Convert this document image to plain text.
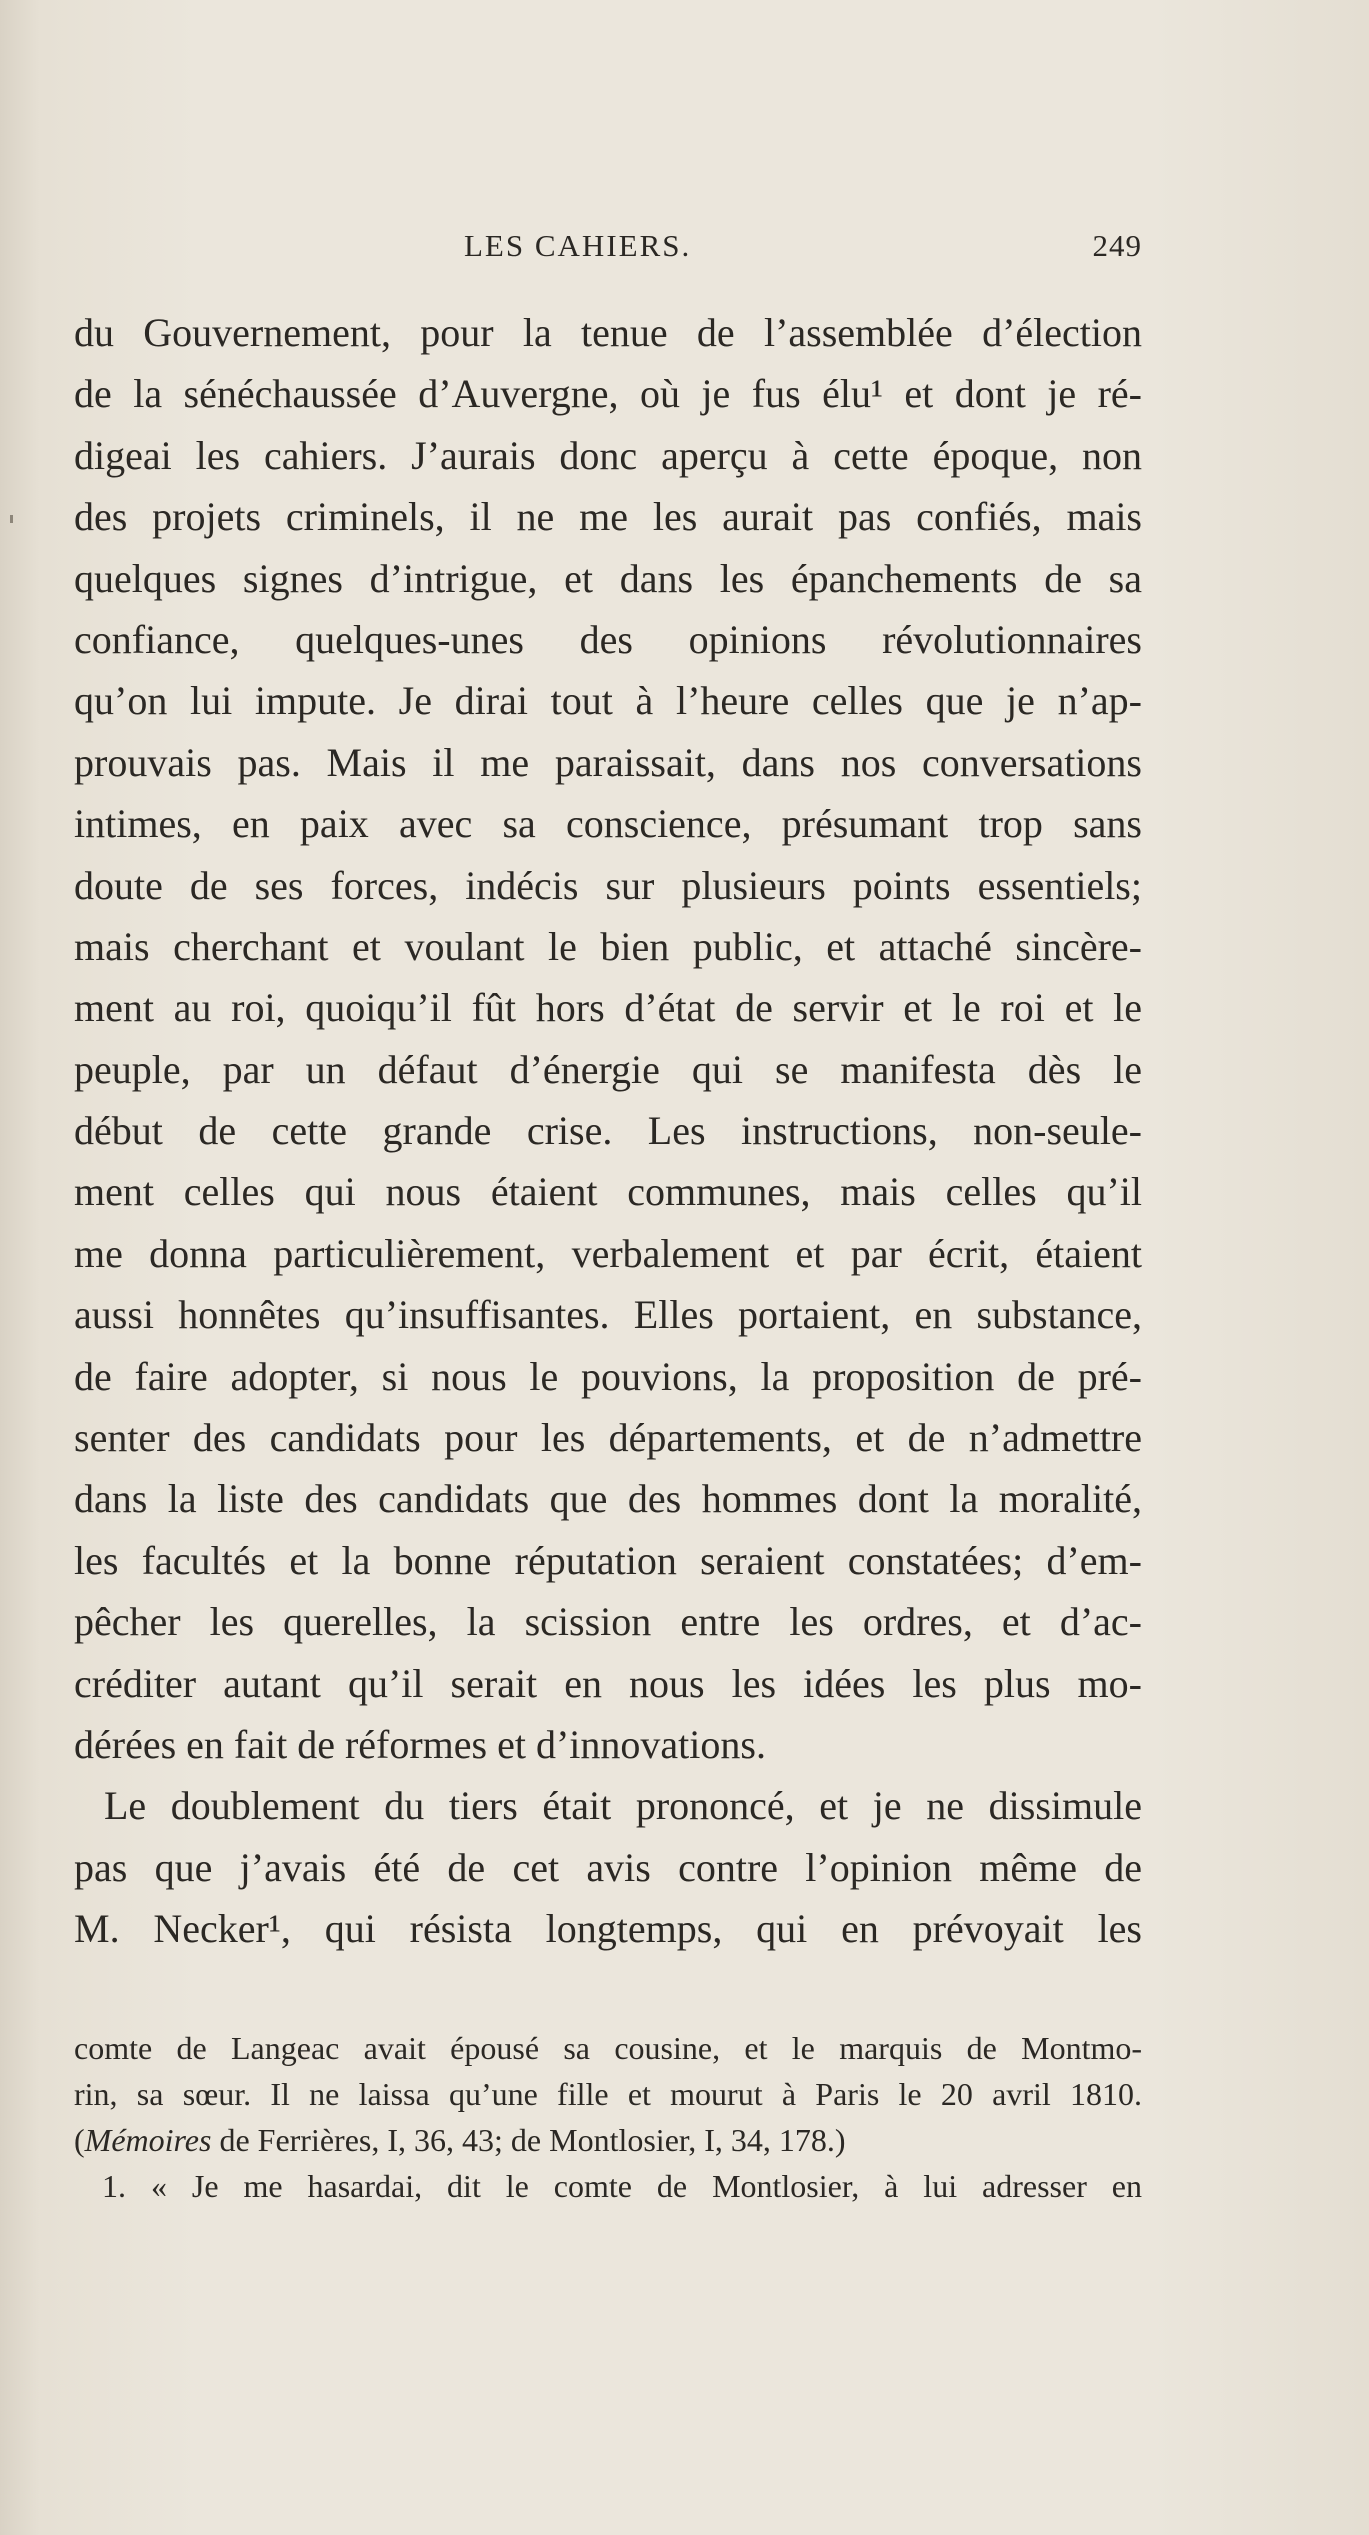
LES CAHIERS.	249
du Gouvernement, pour la tenue de l’assemblée d’élection
de la sénéchaussée d’Auvergne, où je fus élu¹ et dont je ré-
digeai les cahiers. J’aurais donc aperçu à cette époque, non
des projets criminels, il ne me les aurait pas confiés, mais
quelques signes d’intrigue, et dans les épanchements de sa
confiance, quelques-unes des opinions révolutionnaires
qu’on lui impute. Je dirai tout à l’heure celles que je n’ap-
prouvais pas. Mais il me paraissait, dans nos conversations
intimes, en paix avec sa conscience, présumant trop sans
doute de ses forces, indécis sur plusieurs points essentiels;
mais cherchant et voulant le bien public, et attaché sincère-
ment au roi, quoiqu’il fût hors d’état de servir et le roi et le
peuple, par un défaut d’énergie qui se manifesta dès le
début de cette grande crise. Les instructions, non-seule-
ment celles qui nous étaient communes, mais celles qu’il
me donna particulièrement, verbalement et par écrit, étaient
aussi honnêtes qu’insuffisantes. Elles portaient, en substance,
de faire adopter, si nous le pouvions, la proposition de pré-
senter des candidats pour les départements, et de n’admettre
dans la liste des candidats que des hommes dont la moralité,
les facultés et la bonne réputation seraient constatées; d’em-
pêcher les querelles, la scission entre les ordres, et d’ac-
créditer autant qu’il serait en nous les idées les plus mo-
dérées en fait de réformes et d’innovations.
Le doublement du tiers était prononcé, et je ne dissimule
pas que j’avais été de cet avis contre l’opinion même de
M. Necker¹, qui résista longtemps, qui en prévoyait les
comte de Langeac avait épousé sa cousine, et le marquis de Montmo-
rin, sa sœur. Il ne laissa qu’une fille et mourut à Paris le 20 avril 1810.
(Mémoires de Ferrières, I, 36, 43; de Montlosier, I, 34, 178.)
1. « Je me hasardai, dit le comte de Montlosier, à lui adresser en
